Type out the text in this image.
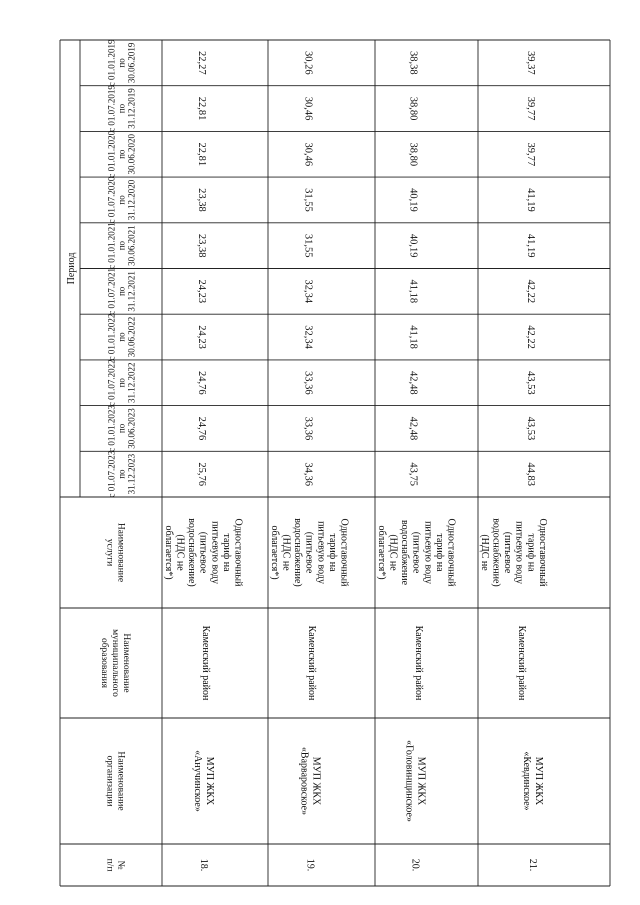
Период
Наименованиеуслуги
Наименованиемуниципальногообразования
Наименованиеорганизации
№п/п
с 01.01.2019по30.06.2019
с 01.07.2019по31.12.2019
с 01.01.2020по30.06.2020
с 01.07.2020по31.12.2020
с 01.01.2021по30.06.2021
с 01.07.2021по31.12.2021
с 01.01.2022по30.06.2022
с 01.07.2022по31.12.2022
с 01.01.2023по30.06.2023
с 01.07.2023по31.12.2023
22,27
22,81
22,81
23,38
23,38
24,23
24,23
24,76
24,76
25,76
Одноставочныйтариф напитьевую воду(питьевоеводоснабжение)(НДС необлагается*)
Каменский район
МУП ЖКХ«Анучинское»
18.
30,26
30,46
30,46
31,55
31,55
32,34
32,34
33,36
33,36
34,36
Одноставочныйтариф напитьевую воду(питьевоеводоснабжение)(НДС необлагается*)
Каменский район
МУП ЖКХ«Варваровское»
19.
38,38
38,80
38,80
40,19
40,19
41,18
41,18
42,48
42,48
43,75
Одноставочныйтариф напитьевую воду(питьевоеводоснабжение(НДС необлагается*)
Каменский район
МУП ЖКХ«Головинщинское»
20.
39,37
39,77
39,77
41,19
41,19
42,22
42,22
43,53
43,53
44,83
Одноставочныйтариф напитьевую воду(питьевоеводоснабжение)(НДС не
Каменский район
МУП ЖКХ«Кевдинское»
21.
